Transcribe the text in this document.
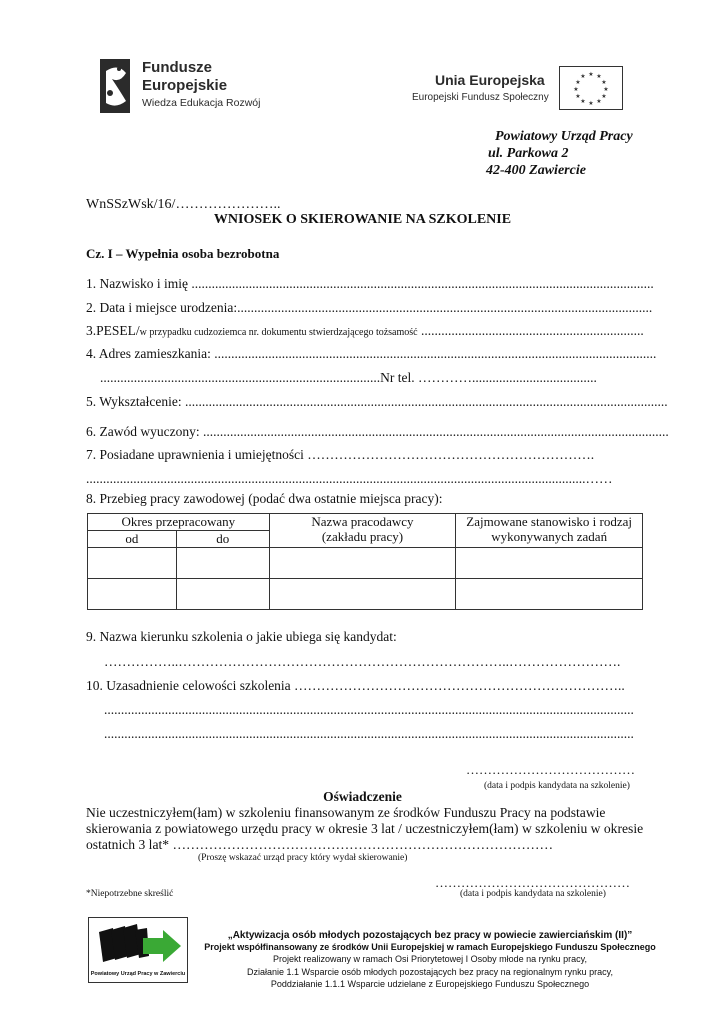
Fundusze
Europejskie
Wiedza Edukacja Rozwój
Unia Europejska
Europejski Fundusz Społeczny
★ ★
★
★
★
★
★
★
★
★
★
★
Powiatowy Urząd Pracy
ul. Parkowa 2
42-400 Zawiercie
WnSSzWsk/16/…………………..
WNIOSEK O SKIEROWANIE NA SZKOLENIE
Cz. I – Wypełnia osoba bezrobotna
1. Nazwisko i imię .........................................................................................................................................
2. Data i miejsce urodzenia:...........................................................................................................................
3.PESEL/w przypadku cudzoziemca nr. dokumentu stwierdzającego tożsamość ..................................................................
4. Adres zamieszkania: ...................................................................................................................................
...................................................................................Nr tel. ………….....................................
5. Wykształcenie: ...............................................................................................................................................
6. Zawód wyuczony: ..........................................................................................................................................
7. Posiadane uprawnienia i umiejętności ……………………………………………………….
....................................................................................................................................................……
8. Przebieg pracy zawodowej (podać dwa ostatnie miejsca pracy):
Okres przepracowany		Nazwa pracodawcy (zakładu pracy)	Zajmowane stanowisko i rodzaj wykonywanych zadań
od	do		

9. Nazwa kierunku szkolenia o jakie ubiega się kandydat:
……………..………………………………………………………………..…………………….
10. Uzasadnienie celowości szkolenia ………………………………………………………………..
.............................................................................................................................................................
.............................................................................................................................................................
…………………………………
(data i podpis kandydata na szkolenie)
Oświadczenie
Nie uczestniczyłem(łam) w szkoleniu finansowanym ze środków Funduszu Pracy na podstawie
skierowania z powiatowego urzędu pracy w okresie 3 lat / uczestniczyłem(łam) w szkoleniu w okresie
ostatnich 3 lat* …………………………………………………………………………
(Proszę wskazać urząd pracy który wydał skierowanie)
………………………………………
*Niepotrzebne skreślić	(data i podpis kandydata na szkolenie)
Powiatowy Urząd Pracy w Zawierciu
„Aktywizacja osób młodych pozostających bez pracy w powiecie zawierciańskim (II)”
Projekt współfinansowany ze środków Unii Europejskiej w ramach Europejskiego Funduszu Społecznego
Projekt realizowany w ramach Osi Priorytetowej I Osoby młode na rynku pracy,
Działanie 1.1 Wsparcie osób młodych pozostających bez pracy na regionalnym rynku pracy,
Poddziałanie 1.1.1 Wsparcie udzielane z Europejskiego Funduszu Społecznego
